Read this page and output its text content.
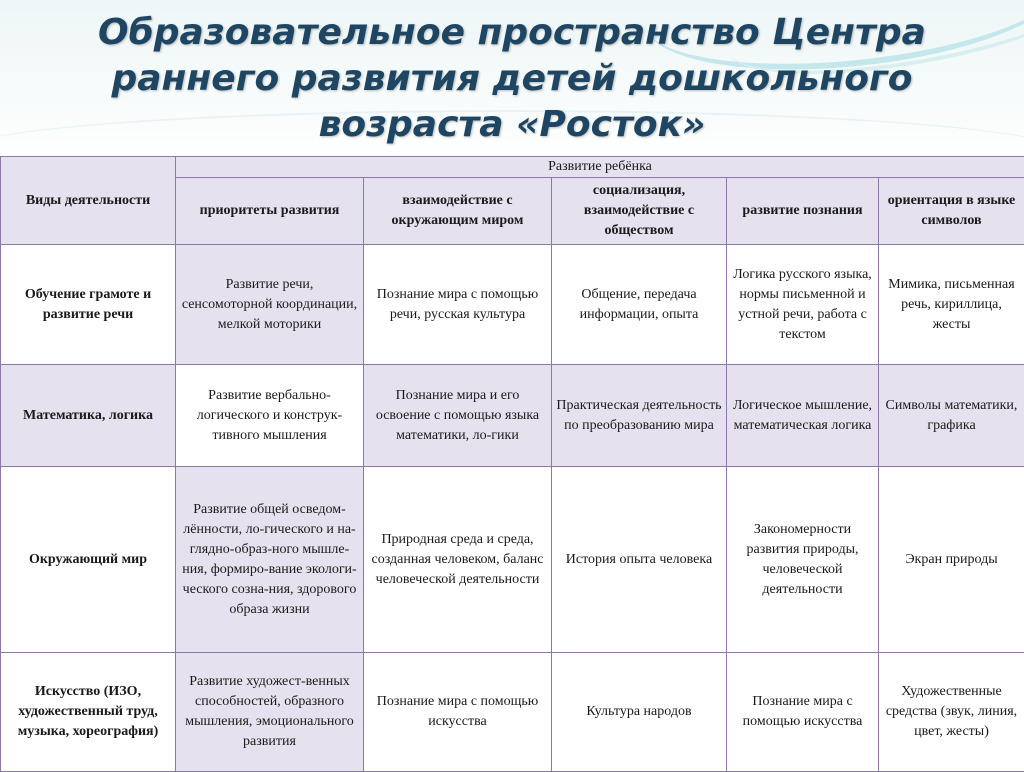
Образовательное пространство Центра раннего развития детей дошкольного возраста «Росток»
Виды деятельности	Развитие ребёнка				
	приоритеты развития	взаимодействие с окружающим миром	социализация, взаимодействие с обществом	развитие познания	ориентация в языке символов
Обучение грамоте и развитие речи	Развитие речи, сенсомоторной координации, мелкой моторики	Познание мира с помощью речи, русская культура	Общение, передача информации, опыта	Логика русского языка, нормы письменной и устной речи, работа с текстом	Мимика, письменная речь, кириллица, жесты
Математика, логика	Развитие вербально-логического и конструк-тивного мышления	Познание мира и его освоение с помощью языка математики, ло-гики	Практическая деятельность по преобразованию мира	Логическое мышление, математическая логика	Символы математики, графика
Окружающий мир	Развитие общей осведом-лённости, ло-гического и на-глядно-образ-ного мышле-ния, формиро-вание экологи-ческого созна-ния, здорового образа жизни	Природная среда и среда, созданная человеком, баланс человеческой деятельности	История опыта человека	Закономерности развития природы, человеческой деятельности	Экран природы
Искусство (ИЗО, художественный труд, музыка, хореография)	Развитие художест-венных способностей, образного мышления, эмоционального развития	Познание мира с помощью искусства	Культура народов	Познание мира с помощью искусства	Художественные средства (звук, линия, цвет, жесты)
